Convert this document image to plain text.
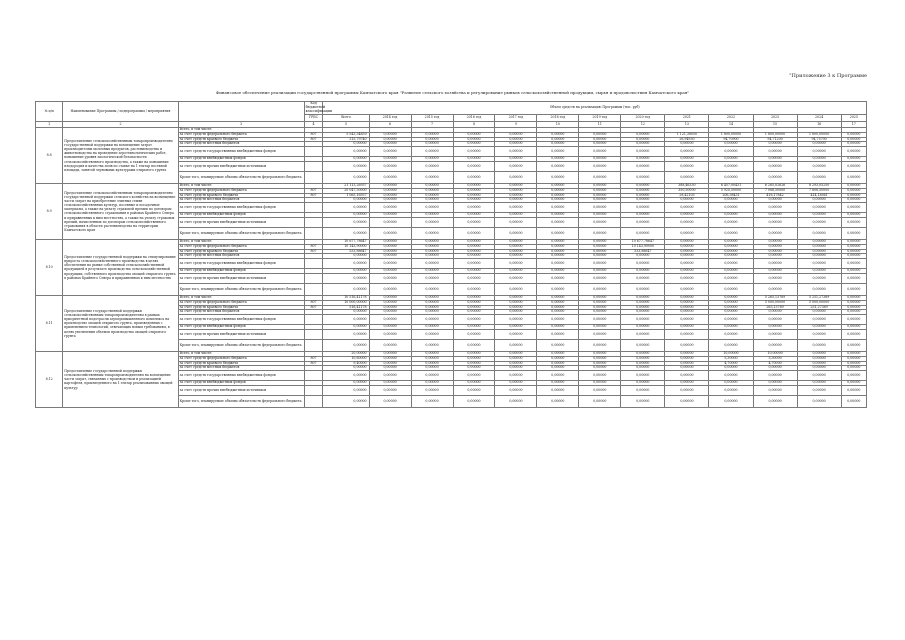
"Приложение 3 к Программе
Финансовое обеспечение реализации государственной программы Камчатского края "Развитие сельского хозяйства и регулирование рынков сельскохозяйственной продукции, сырья и продовольствия Камчатского края"
№ п/п	Наименование Программы / подпрограммы / мероприятия		Код бюджетной классификации	Объем средств на реализацию Программы (тыс. руб)												
			ГРБС	Всего	2014 год	2015 год	2016 год	2017 год	2018 год	2019 год	2020 год	2021	2022	2023	2024	2025
1	2	3	4	5	6	7	8	9	10	11	12	13	14	15	16	17
8.8	Предоставление сельскохозяйственным товаропроизводителям государственной поддержки на возмещение затрат производителям молочных продуктов, растениеводства и животноводства на проведение агротехнологических работ, повышение уровня экологической безопасности сельскохозяйственного производства, а также на повышение плодородия и качества почв по ставке на 1 гектар посевной площади, занятой зерновыми культурами открытого грунта	Всего, в том числе:														
		за счет средств федерального бюджета	807	5 543,34850	0,00000	0,00000	0,00000	0,00000	0,00000	0,00000	0,00000	1 121,38050	1 800,00000	1 800,00000	1 800,00000	0,00000
		за счет средств краевого бюджета	807	315,79740	0,00000	0,00000	0,00000	0,00000	0,00000	0,00000	0,00000	26,94930	94,70900	94,71200	94,75700	0,00000
		за счет средств местных бюджетов		0,00000	0,00000	0,00000	0,00000	0,00000	0,00000	0,00000	0,00000	0,00000	0,00000	0,00000	0,00000	0,00000
		за счет средств государственных внебюджетных фондов		0,00000	0,00000	0,00000	0,00000	0,00000	0,00000	0,00000	0,00000	0,00000	0,00000	0,00000	0,00000	0,00000
		за счет средств внебюджетных фондов		0,00000	0,00000	0,00000	0,00000	0,00000	0,00000	0,00000	0,00000	0,00000	0,00000	0,00000	0,00000	0,00000
		за счет средств прочих внебюджетных источников		0,00000	0,00000	0,00000	0,00000	0,00000	0,00000	0,00000	0,00000	0,00000	0,00000	0,00000	0,00000	0,00000
		Кроме того, планируемые объемы обязательств федерального бюджета		0,00000	0,00000	0,00000	0,00000	0,00000	0,00000	0,00000	0,00000	0,00000	0,00000	0,00000	0,00000	0,00000
8.9	Предоставление сельскохозяйственным товаропроизводителям государственной поддержки сельского хозяйства на возмещение части затрат на приобретение элитных семян сельскохозяйственных культур, посевные и посадочные материалы, а также на уплату страховой премии по договорам сельскохозяйственного страхования в районах Крайнего Севера и приравненных к ним местностях, а также на уплату страховых премий, начисленных по договорам сельскохозяйственного страхования в области растениеводства на территории Камчатского края	Всего, в том числе:		21 113,26937	0,00000	0,00000	0,00000	0,00000	0,00000	0,00000	0,00000	388,46330	6 457,00431	6 265,02626	8 293,05250	0,00000
		за счет средств федерального бюджета	807	20 047,50000	0,00000	0,00000	0,00000	0,00000	0,00000	0,00000	0,00000	350,50000	5 920,50000	7 088,50000	7 808,50000	0,00000
		за счет средств краевого бюджета	807	1 065,16937	0,00000	0,00000	0,00000	0,00000	0,00000	0,00000	0,00000	28,42105	206,38431	416,17842	414,18561	0,00000
		за счет средств местных бюджетов		0,00000	0,00000	0,00000	0,00000	0,00000	0,00000	0,00000	0,00000	0,00000	0,00000	0,00000	0,00000	0,00000
		за счет средств государственных внебюджетных фондов		0,00000	0,00000	0,00000	0,00000	0,00000	0,00000	0,00000	0,00000	0,00000	0,00000	0,00000	0,00000	0,00000
		за счет средств внебюджетных фондов		0,00000	0,00000	0,00000	0,00000	0,00000	0,00000	0,00000	0,00000	0,00000	0,00000	0,00000	0,00000	0,00000
		за счет средств прочих внебюджетных источников		0,00000	0,00000	0,00000	0,00000	0,00000	0,00000	0,00000	0,00000	0,00000	0,00000	0,00000	0,00000	0,00000
		Кроме того, планируемые объемы обязательств федерального бюджета		0,00000	0,00000	0,00000	0,00000	0,00000	0,00000	0,00000	0,00000	0,00000	0,00000	0,00000	0,00000	0,00000
8.10	Предоставление государственной поддержки на стимулирование прироста сельскохозяйственного производства в целях обеспечения на рынке собственной сельскохозяйственной продукцией в результате производства сельскохозяйственной продукции, собственного производства овощей открытого грунта в районах Крайнего Севера и приравненных к ним местностях	Всего, в том числе:		10 677,78647	0,00000	0,00000	0,00000	0,00000	0,00000	0,00000	10 677,78647	0,00000	0,00000	0,00000	0,00000	0,00000
		за счет средств федерального бюджета	807	10 143,90000	0,00000	0,00000	0,00000	0,00000	0,00000	0,00000	10 143,90000	0,00000	0,00000	0,00000	0,00000	0,00000
		за счет средств краевого бюджета	807	533,88647	0,00000	0,00000	0,00000	0,00000	0,00000	0,00000	533,88647	0,00000	0,00000	0,00000	0,00000	0,00000
		за счет средств местных бюджетов		0,00000	0,00000	0,00000	0,00000	0,00000	0,00000	0,00000	0,00000	0,00000	0,00000	0,00000	0,00000	0,00000
		за счет средств государственных внебюджетных фондов		0,00000	0,00000	0,00000	0,00000	0,00000	0,00000	0,00000	0,00000	0,00000	0,00000	0,00000	0,00000	0,00000
		за счет средств внебюджетных фондов		0,00000	0,00000	0,00000	0,00000	0,00000	0,00000	0,00000	0,00000	0,00000	0,00000	0,00000	0,00000	0,00000
		за счет средств прочих внебюджетных источников		0,00000	0,00000	0,00000	0,00000	0,00000	0,00000	0,00000	0,00000	0,00000	0,00000	0,00000	0,00000	0,00000
		Кроме того, планируемые объемы обязательств федерального бюджета		0,00000	0,00000	0,00000	0,00000	0,00000	0,00000	0,00000	0,00000	0,00000	0,00000	0,00000	0,00000	0,00000
8.11	Предоставление государственной поддержки сельскохозяйственным товаропроизводителям в рамках приоритетной подотрасли агропромышленного комплекса на производство овощей открытого грунта, произведенных с применением технологий, отвечающих новым требованиям, в целях увеличения объемов производства овощей открытого грунта	Всего, в том числе:		10 516,41178	0,00000	0,00000	0,00000	0,00000	0,00000	0,00000	0,00000	0,00000	0,00000	5 265,13789	5 251,27389	0,00000
		за счет средств федерального бюджета	807	10 000,00000	0,00000	0,00000	0,00000	0,00000	0,00000	0,00000	0,00000	0,00000	0,00000	5 000,00000	5 000,00000	0,00000
		за счет средств краевого бюджета	807	516,41178	0,00000	0,00000	0,00000	0,00000	0,00000	0,00000	0,00000	0,00000	0,00000	265,13789	251,27389	0,00000
		за счет средств местных бюджетов		0,00000	0,00000	0,00000	0,00000	0,00000	0,00000	0,00000	0,00000	0,00000	0,00000	0,00000	0,00000	0,00000
		за счет средств государственных внебюджетных фондов		0,00000	0,00000	0,00000	0,00000	0,00000	0,00000	0,00000	0,00000	0,00000	0,00000	0,00000	0,00000	0,00000
		за счет средств внебюджетных фондов		0,00000	0,00000	0,00000	0,00000	0,00000	0,00000	0,00000	0,00000	0,00000	0,00000	0,00000	0,00000	0,00000
		за счет средств прочих внебюджетных источников		0,00000	0,00000	0,00000	0,00000	0,00000	0,00000	0,00000	0,00000	0,00000	0,00000	0,00000	0,00000	0,00000
		Кроме того, планируемые объемы обязательств федерального бюджета		0,00000	0,00000	0,00000	0,00000	0,00000	0,00000	0,00000	0,00000	0,00000	0,00000	0,00000	0,00000	0,00000
8.12	Предоставление государственной поддержки сельскохозяйственным товаропроизводителям на возмещение части затрат, связанных с производством и реализацией картофеля, произведенного на 1 гектар реализованных овощей культур	Всего, в том числе:		20,00000	0,00000	0,00000	0,00000	0,00000	0,00000	0,00000	0,00000	0,00000	10,00000	10,00000	0,00000	0,00000
		за счет средств федерального бюджета	807	10,60000	0,00000	0,00000	0,00000	0,00000	0,00000	0,00000	0,00000	0,00000	5,30000	5,30000	0,00000	0,00000
		за счет средств краевого бюджета	807	9,40000	0,00000	0,00000	0,00000	0,00000	0,00000	0,00000	0,00000	0,00000	4,70000	4,70000	0,00000	0,00000
		за счет средств местных бюджетов		0,00000	0,00000	0,00000	0,00000	0,00000	0,00000	0,00000	0,00000	0,00000	0,00000	0,00000	0,00000	0,00000
		за счет средств государственных внебюджетных фондов		0,00000	0,00000	0,00000	0,00000	0,00000	0,00000	0,00000	0,00000	0,00000	0,00000	0,00000	0,00000	0,00000
		за счет средств внебюджетных фондов		0,00000	0,00000	0,00000	0,00000	0,00000	0,00000	0,00000	0,00000	0,00000	0,00000	0,00000	0,00000	0,00000
		за счет средств прочих внебюджетных источников		0,00000	0,00000	0,00000	0,00000	0,00000	0,00000	0,00000	0,00000	0,00000	0,00000	0,00000	0,00000	0,00000
		Кроме того, планируемые объемы обязательств федерального бюджета		0,00000	0,00000	0,00000	0,00000	0,00000	0,00000	0,00000	0,00000	0,00000	0,00000	0,00000	0,00000	0,00000
